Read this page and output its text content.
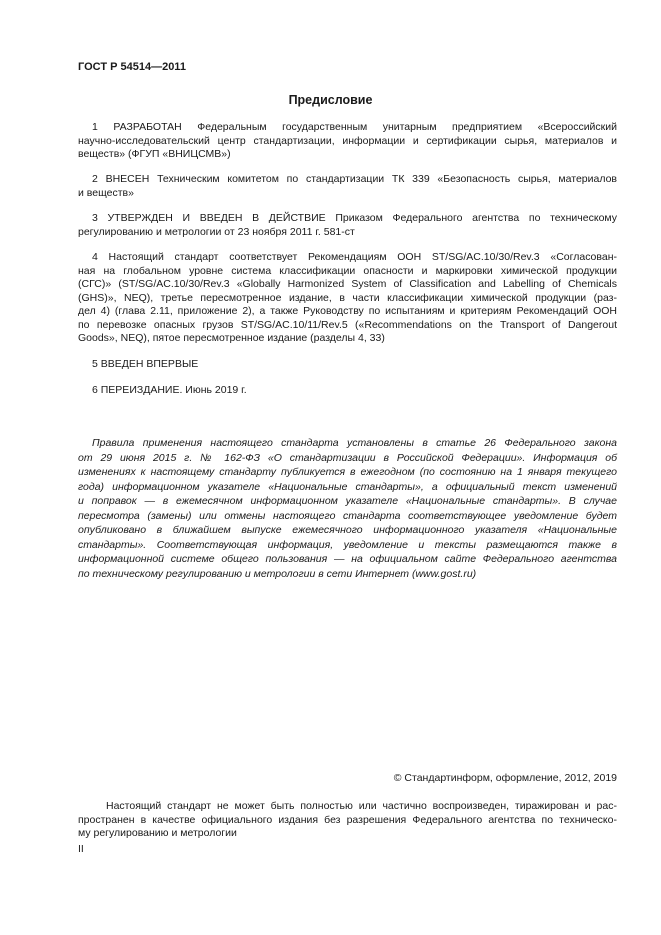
ГОСТ Р 54514—2011
Предисловие
1 РАЗРАБОТАН Федеральным государственным унитарным предприятием «Всероссийский
научно-исследовательский центр стандартизации, информации и сертификации сырья, материалов и
веществ» (ФГУП «ВНИЦСМВ»)
2 ВНЕСЕН Техническим комитетом по стандартизации ТК 339 «Безопасность сырья, материалов
и веществ»
3 УТВЕРЖДЕН И ВВЕДЕН В ДЕЙСТВИЕ Приказом Федерального агентства по техническому
регулированию и метрологии от 23 ноября 2011 г. 581-ст
4 Настоящий стандарт соответствует Рекомендациям ООН ST/SG/AC.10/30/Rev.3 «Согласован-
ная на глобальном уровне система классификации опасности и маркировки химической продукции
(СГС)» (ST/SG/AC.10/30/Rev.3 «Globally Harmonized System of Classification and Labelling of Chemicals
(GHS)», NEQ), третье пересмотренное издание, в части классификации химической продукции (раз-
дел 4) (глава 2.11, приложение 2), а также Руководству по испытаниям и критериям Рекомендаций ООН
по перевозке опасных грузов ST/SG/AC.10/11/Rev.5 («Recommendations on the Transport of Dangerout
Goods», NEQ), пятое пересмотренное издание (разделы 4, 33)
5 ВВЕДЕН ВПЕРВЫЕ
6 ПЕРЕИЗДАНИЕ. Июнь 2019 г.
Правила применения настоящего стандарта установлены в статье 26 Федерального закона
от 29 июня 2015 г. № 162-ФЗ «О стандартизации в Российской Федерации». Информация об
изменениях к настоящему стандарту публикуется в ежегодном (по состоянию на 1 января текущего
года) информационном указателе «Национальные стандарты», а официальный текст изменений
и поправок — в ежемесячном информационном указателе «Национальные стандарты». В случае
пересмотра (замены) или отмены настоящего стандарта соответствующее уведомление будет
опубликовано в ближайшем выпуске ежемесячного информационного указателя «Национальные
стандарты». Соответствующая информация, уведомление и тексты размещаются также в
информационной системе общего пользования — на официальном сайте Федерального агентства
по техническому регулированию и метрологии в сети Интернет (www.gost.ru)
© Стандартинформ, оформление, 2012, 2019
Настоящий стандарт не может быть полностью или частично воспроизведен, тиражирован и рас-
пространен в качестве официального издания без разрешения Федерального агентства по техническо-
му регулированию и метрологии
II
